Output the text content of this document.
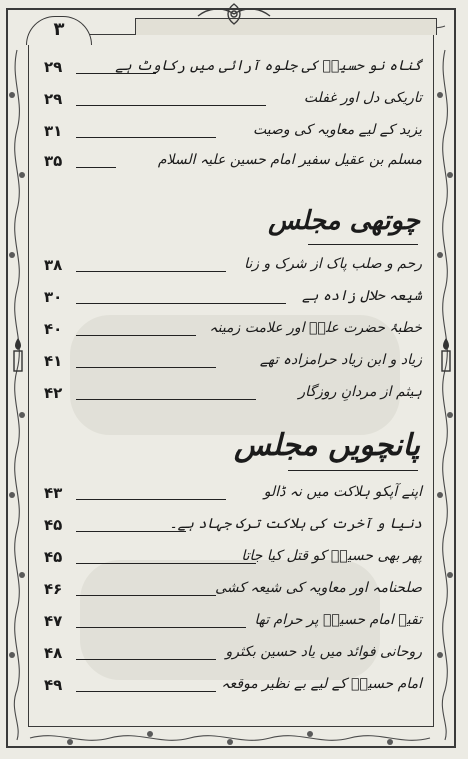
۳
۲۹	گناہ نو حسینؑ کی جلوہ آرائی میں رکاوٹ ہے
۲۹	تاریکی دل اور غفلت
۳۱	یزید کے لیے معاویہ کی وصیت
۳۵	مسلم بن عقیل سفیر امام حسین علیہ السلام
چوتھی مجلس
۳۸	رحم و صلب پاک از شرک و زنا
۳۰	شیعہ حلال زادہ ہے
۴۰	خطبۂ حضرت علیؑ اور علامت زمینہ
۴۱	زیاد و ابن زیاد حرامزادہ تھے
۴۲	ہیثم از مردانِ روزگار
پانچویں مجلس
۴۳	اپنے آپکو ہلاکت میں نہ ڈالو
۴۵	دنیا و آخرت کی ہلاکت ترک جہاد ہے۔
۴۵	پھر بھی حسینؑ کو قتل کیا جاتا
۴۶	صلحنامہ اور معاویہ کی شیعہ کشی
۴۷	تقیہ امام حسینؑ پر حرام تھا
۴۸	روحانی فوائد میں یاد حسین بکثرو
۴۹	امام حسینؑ کے لیے بے نظیر موقعہ
